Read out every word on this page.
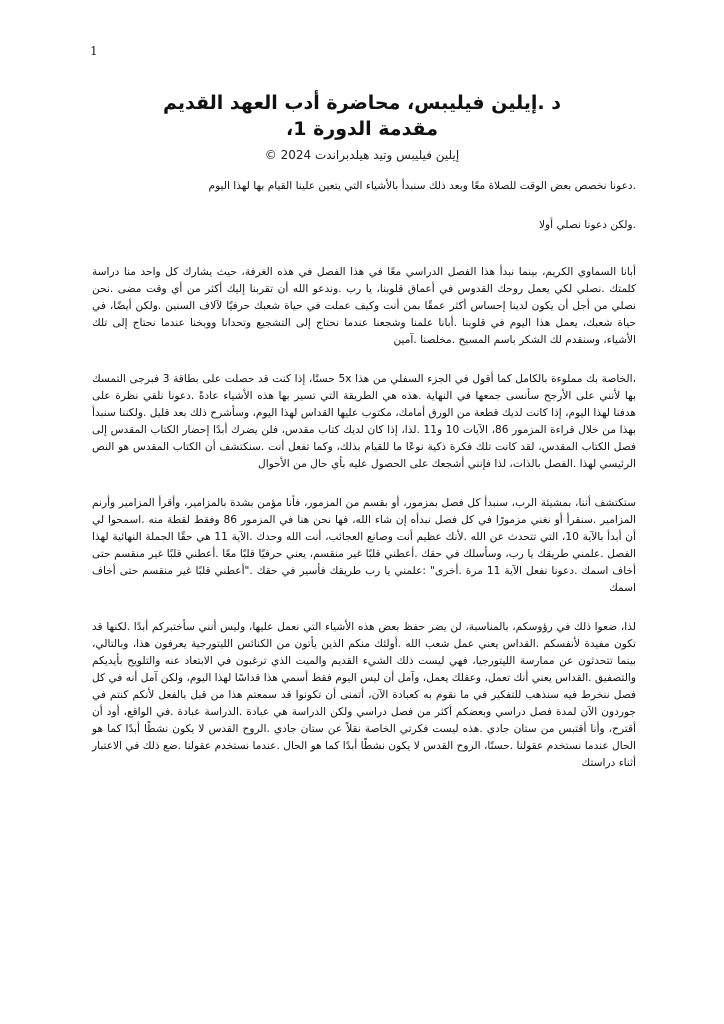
1

د .إيلين فيليبس، محاضرة أدب العهد القديم

مقدمة الدورة 1،

إيلين فيليبس وتيد هيلدبراندت 2024 ©

.دعونا نخصص بعض الوقت للصلاة معًا وبعد ذلك سنبدأ بالأشياء التي يتعين علينا القيام بها لهذا اليوم

.ولكن دعونا نصلي أولا

أبانا السماوي الكريم، بينما نبدأ هذا الفصل الدراسي معًا في هذا الفصل في هذه الغرفة، حيث يشارك كل واحد منا دراسة كلمتك .نصلي لكي يعمل روحك القدوس في أعماق قلوبنا، يا رب .وندعو الله أن تقربنا إليك أكثر من أي وقت مضى .نحن نصلي من أجل أن يكون لدينا إحساس أكثر عمقًا بمن أنت وكيف عملت في حياة شعبك حرفيًا لآلاف السنين .ولكن أيضًا، في حياة شعبك، يعمل هذا اليوم في قلوبنا .أبانا علمنا وشجعنا عندما نحتاج إلى التشجيع وتحدانا ووبخنا عندما نحتاج إلى تلك الأشياء، وسنقدم لك الشكر باسم المسيح .مخلصنا .آمين

،الخاصة بك مملوءة بالكامل كما أقول في الجزء السفلي من هذا 5x حسنًا، إذا كنت قد حصلت على بطاقة 3 فبرجى التمسك بها لأنني على الأرجح سأنسى جمعها في النهاية .هذه هي الطريقة التي تسير بها هذه الأشياء عادةً .دعونا نلقي نظرة على هدفنا لهذا اليوم، إذا كانت لديك قطعة من الورق أمامك، مكتوب عليها القداس لهذا اليوم، وسأشرح ذلك بعد قليل .ولكننا سنبدأ بهذا من خلال قراءة المزمور 86، الآيات 10 و11 .لذا، إذا كان لديك كتاب مقدس، فلن يضرك أبدًا إحضار الكتاب المقدس إلى فصل الكتاب المقدس، لقد كانت تلك فكرة ذكية نوعًا ما للقيام بذلك، وكما تفعل أنت .سنكتشف أن الكتاب المقدس هو النص الرئيسي لهذا .الفصل بالذات، لذا فإنني أشجعك على الحصول عليه بأي حال من الأحوال

ستكتشف أننا، بمشيئة الرب، سنبدأ كل فصل بمزمور، أو بقسم من المزمور، فأنا مؤمن بشدة بالمزامير، وأقرأ المزامير وأرنم المزامير .سنقرأ أو نغني مزمورًا في كل فصل نبدأه إن شاء الله، فها نحن هنا في المزمور 86 وفقط لقطة منه .اسمحوا لي أن أبدأ بالآية 10، التي تتحدث عن الله .لأنك عظيم أنت وصانع العجائب، أنت الله وحدك .الآية 11 هي حقًا الجملة النهائية لهذا الفصل .علمني طريقك يا رب، وسأسلك في حقك .أعطني قلبًا غير منقسم، يعني حرفيًا قلبًا معًا .أعطني قلبًا غير منقسم حتى أخاف اسمك .دعونا نفعل الآية 11 مرة .أخرى" :علمني يا رب طريقك فأسير في حقك ."أعطني قلبًا غير منقسم حتى أخاف اسمك

لذا، ضعوا ذلك في رؤوسكم، بالمناسبة، لن يضر حفظ بعض هذه الأشياء التي نعمل عليها، وليس أنني سأختبركم أبدًا .لكنها قد تكون مفيدة لأنفسكم .القداس يعني عمل شعب الله .أولئك منكم الذين يأتون من الكنائس الليتورجية يعرفون هذا، وبالتالي، بينما تتحدثون عن ممارسة الليتورجيا، فهي ليست ذلك الشيء القديم والميت الذي ترغبون في الابتعاد عنه والتلويح بأيديكم والتصفيق .القداس يعني أنك تعمل، وعقلك يعمل، وآمل أن ليس اليوم فقط أسمي هذا قداسًا لهذا اليوم، ولكن آمل أنه في كل فصل ننخرط فيه سنذهب للتفكير في ما نقوم به كعبادة الآن، أتمنى أن تكونوا قد سمعتم هذا من قبل بالفعل لأنكم كنتم في جوردون الآن لمدة فصل دراسي وبعضكم أكثر من فصل دراسي ولكن الدراسة هي عبادة .الدراسة عبادة .في الواقع، أود أن أقترح، وأنا أقتبس من ستان جادي .هذه ليست فكرتي الخاصة نقلاً عن ستان جادي .الروح القدس لا يكون نشطًا أبدًا كما هو الحال عندما نستخدم عقولنا .حسنًا، الروح القدس لا يكون نشطًا أبدًا كما هو الحال .عندما نستخدم عقولنا .ضع ذلك في الاعتبار أثناء دراستك
